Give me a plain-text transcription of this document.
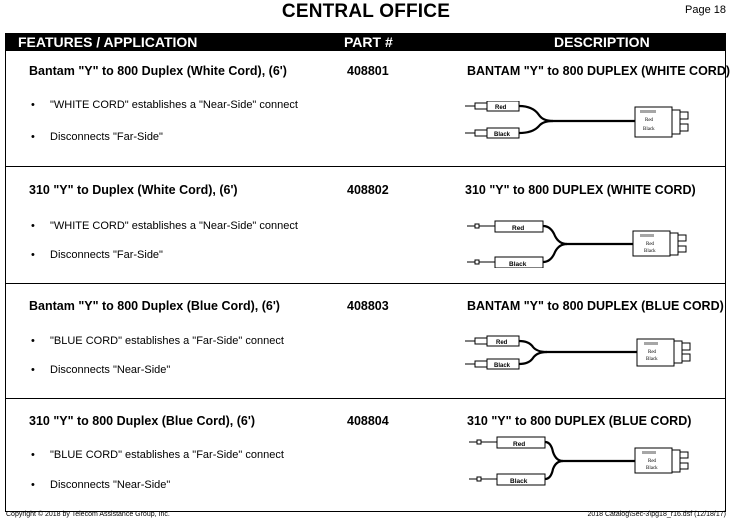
CENTRAL OFFICE	Page 18
FEATURES / APPLICATION	PART #	DESCRIPTION
Bantam "Y" to 800 Duplex (White Cord), (6')	408801	BANTAM "Y" to 800 DUPLEX (WHITE CORD)
• "WHITE CORD" establishes a "Near-Side" connect
• Disconnects "Far-Side"
Red
Black
Red
Black
310 "Y" to Duplex (White Cord), (6')	408802	310 "Y" to 800 DUPLEX (WHITE CORD)
• "WHITE CORD" establishes a "Near-Side" connect
• Disconnects "Far-Side"
Red
Black
Red
Black
Bantam "Y" to 800 Duplex (Blue Cord), (6')	408803	BANTAM "Y" to 800 DUPLEX (BLUE CORD)
• "BLUE CORD" establishes a "Far-Side" connect
• Disconnects "Near-Side"
Red
Black
Red
Black
310 "Y" to 800 Duplex (Blue Cord), (6')	408804	310 "Y" to 800 DUPLEX (BLUE CORD)
• "BLUE CORD" establishes a "Far-Side" connect
• Disconnects "Near-Side"
Red
Black
Red
Black
Copyright © 2018 by Telecom Assistance Group, Inc.	2018 Catalog\Sec-3\pg18_r16.dsf (12/18/17)
